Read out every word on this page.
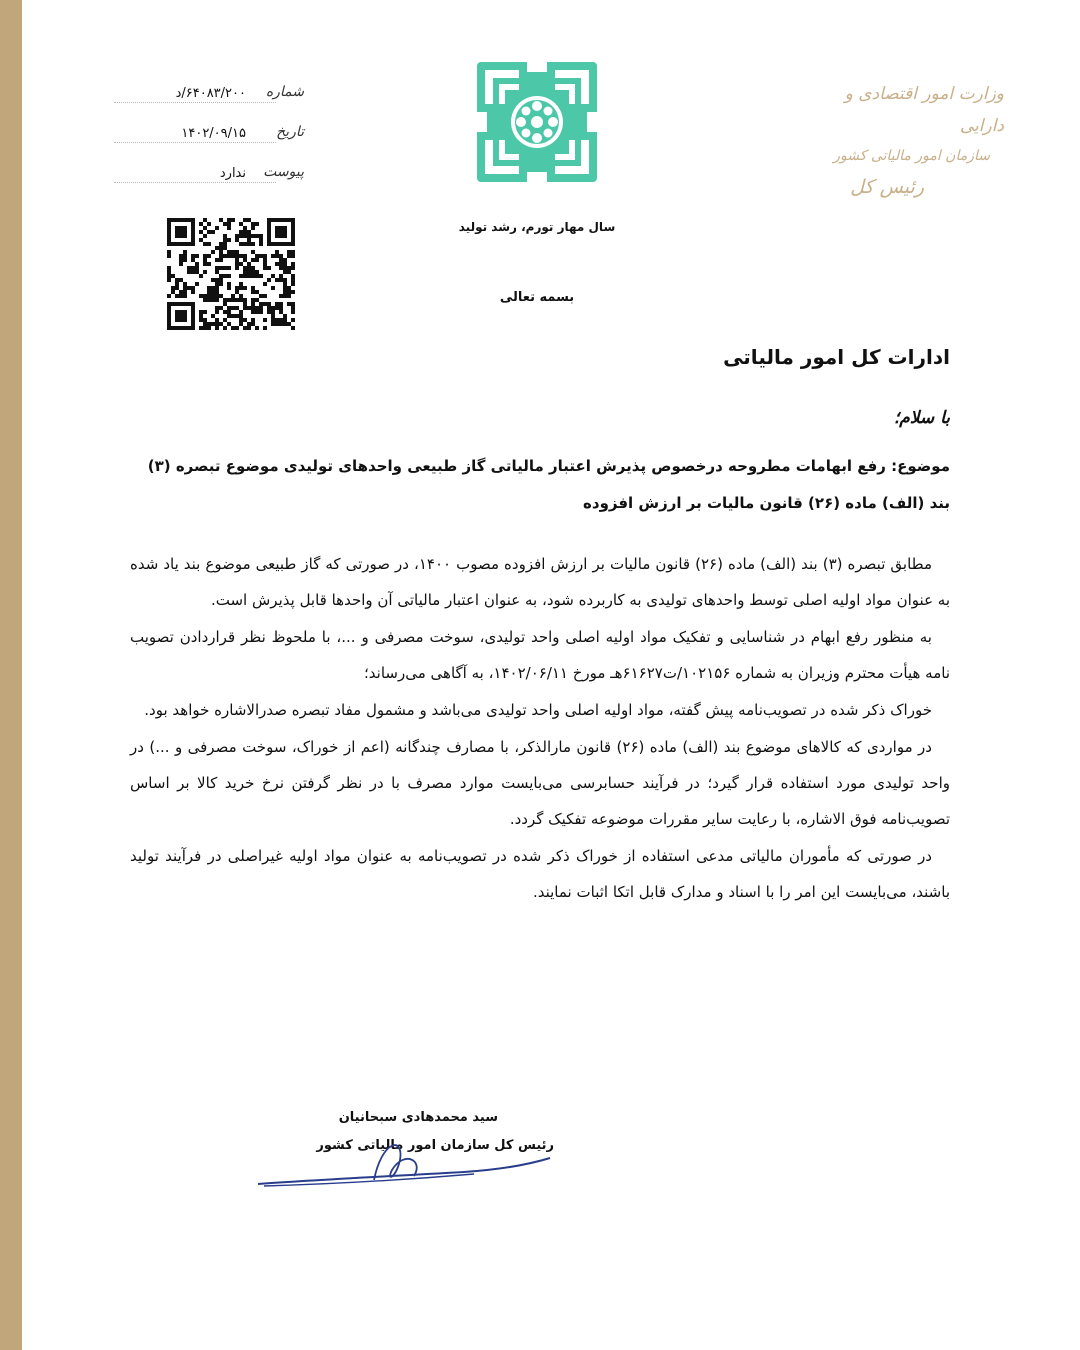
وزارت امور اقتصادی و دارایی
سازمان امور مالیاتی کشور
رئیس کل
سال مهار تورم، رشد تولید
بسمه تعالی
شماره
۶۴۰۸۳/۲۰۰/د
تاریخ
۱۴۰۲/۰۹/۱۵
پیوست
ندارد
ادارات کل امور مالیاتی
با سلام؛
موضوع: رفع ابهامات مطروحه درخصوص پذیرش اعتبار مالیاتی گاز طبیعی واحدهای تولیدی موضوع تبصره (۳) بند (الف) ماده (۲۶) قانون مالیات بر ارزش افزوده

مطابق تبصره (۳) بند (الف) ماده (۲۶) قانون مالیات بر ارزش افزوده مصوب ۱۴۰۰، در صورتی که گاز طبیعی موضوع بند یاد شده به عنوان مواد اولیه اصلی توسط واحدهای تولیدی به کاربرده شود، به عنوان اعتبار مالیاتی آن واحدها قابل پذیرش است.

به منظور رفع ابهام در شناسایی و تفکیک مواد اولیه اصلی واحد تولیدی، سوخت مصرفی و ...، با ملحوظ نظر قراردادن تصویب نامه هیأت محترم وزیران به شماره ۱۰۲۱۵۶/ت۶۱۶۲۷هـ مورخ ۱۴۰۲/۰۶/۱۱، به آگاهی می‌رساند؛

خوراک ذکر شده در تصویب‌نامه پیش گفته، مواد اولیه اصلی واحد تولیدی می‌باشد و مشمول مفاد تبصره صدرالاشاره خواهد بود.

در مواردی که کالاهای موضوع بند (الف) ماده (۲۶) قانون مارالذکر، با مصارف چندگانه (اعم از خوراک، سوخت مصرفی و ...) در واحد تولیدی مورد استفاده قرار گیرد؛ در فرآیند حسابرسی می‌بایست موارد مصرف با در نظر گرفتن نرخ خرید کالا بر اساس تصویب‌نامه فوق الاشاره، با رعایت سایر مقررات موضوعه تفکیک گردد.

در صورتی که مأموران مالیاتی مدعی استفاده از خوراک ذکر شده در تصویب‌نامه به عنوان مواد اولیه غیراصلی در فرآیند تولید باشند، می‌بایست این امر را با اسناد و مدارک قابل اتکا اثبات نمایند.

سید محمدهادی سبحانیان
رئیس کل سازمان امور مالیاتی کشور
